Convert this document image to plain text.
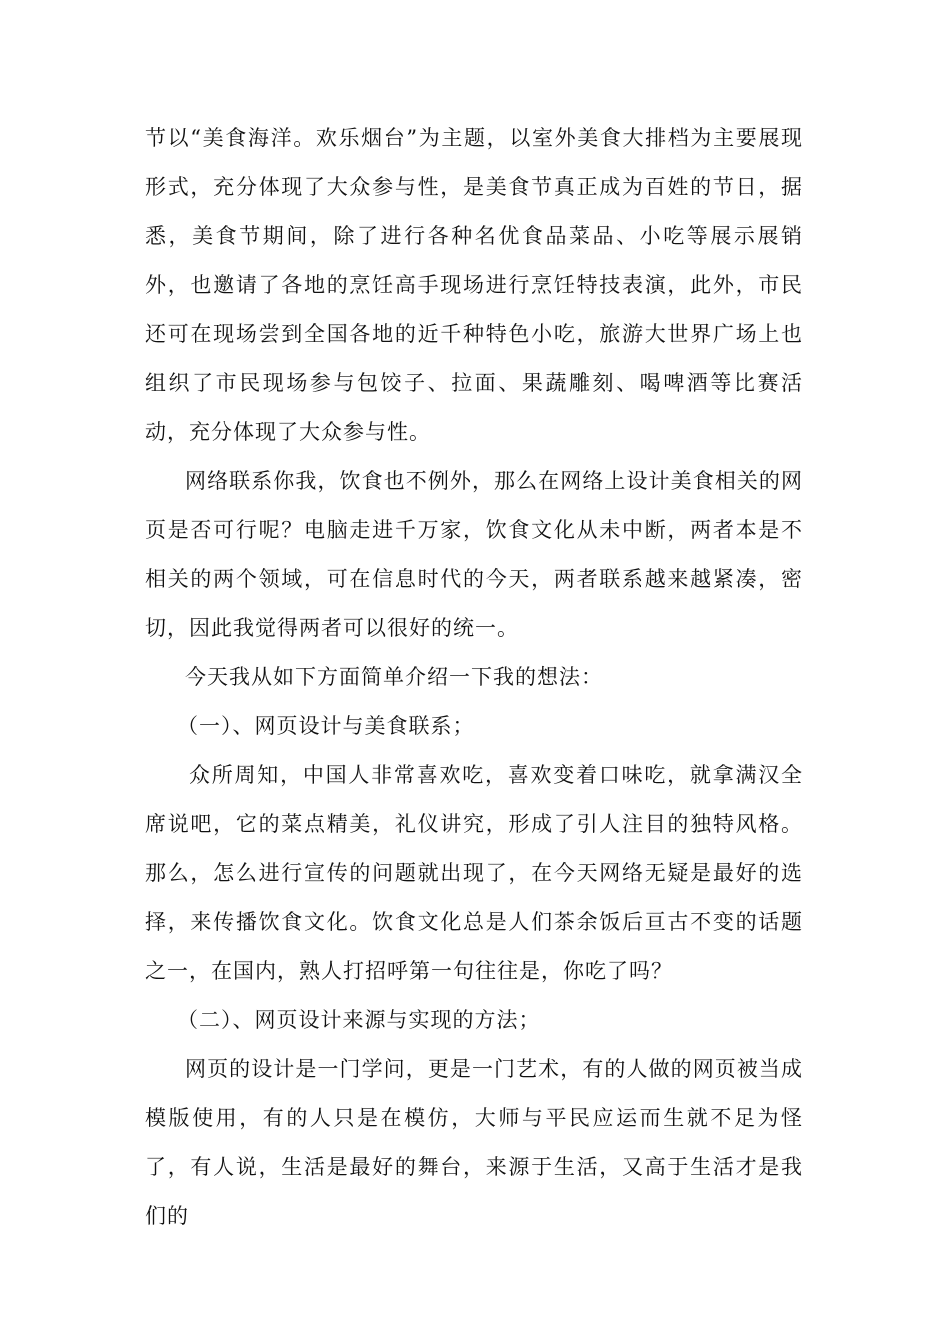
节以“美食海洋。欢乐烟台”为主题，以室外美食大排档为主要展现形式，充分体现了大众参与性，是美食节真正成为百姓的节日，据悉，美食节期间，除了进行各种名优食品菜品、小吃等展示展销外，也邀请了各地的烹饪高手现场进行烹饪特技表演，此外，市民还可在现场尝到全国各地的近千种特色小吃，旅游大世界广场上也组织了市民现场参与包饺子、拉面、果蔬雕刻、喝啤酒等比赛活动，充分体现了大众参与性。

网络联系你我，饮食也不例外，那么在网络上设计美食相关的网页是否可行呢？电脑走进千万家，饮食文化从未中断，两者本是不相关的两个领域，可在信息时代的今天，两者联系越来越紧凑，密切，因此我觉得两者可以很好的统一。

今天我从如下方面简单介绍一下我的想法：

（一）、网页设计与美食联系；

众所周知，中国人非常喜欢吃，喜欢变着口味吃，就拿满汉全席说吧，它的菜点精美，礼仪讲究，形成了引人注目的独特风格。那么，怎么进行宣传的问题就出现了，在今天网络无疑是最好的选择，来传播饮食文化。饮食文化总是人们茶余饭后亘古不变的话题之一，在国内，熟人打招呼第一句往往是，你吃了吗？

（二）、网页设计来源与实现的方法；

网页的设计是一门学问，更是一门艺术，有的人做的网页被当成模版使用，有的人只是在模仿，大师与平民应运而生就不足为怪了，有人说，生活是最好的舞台，来源于生活，又高于生活才是我们的
